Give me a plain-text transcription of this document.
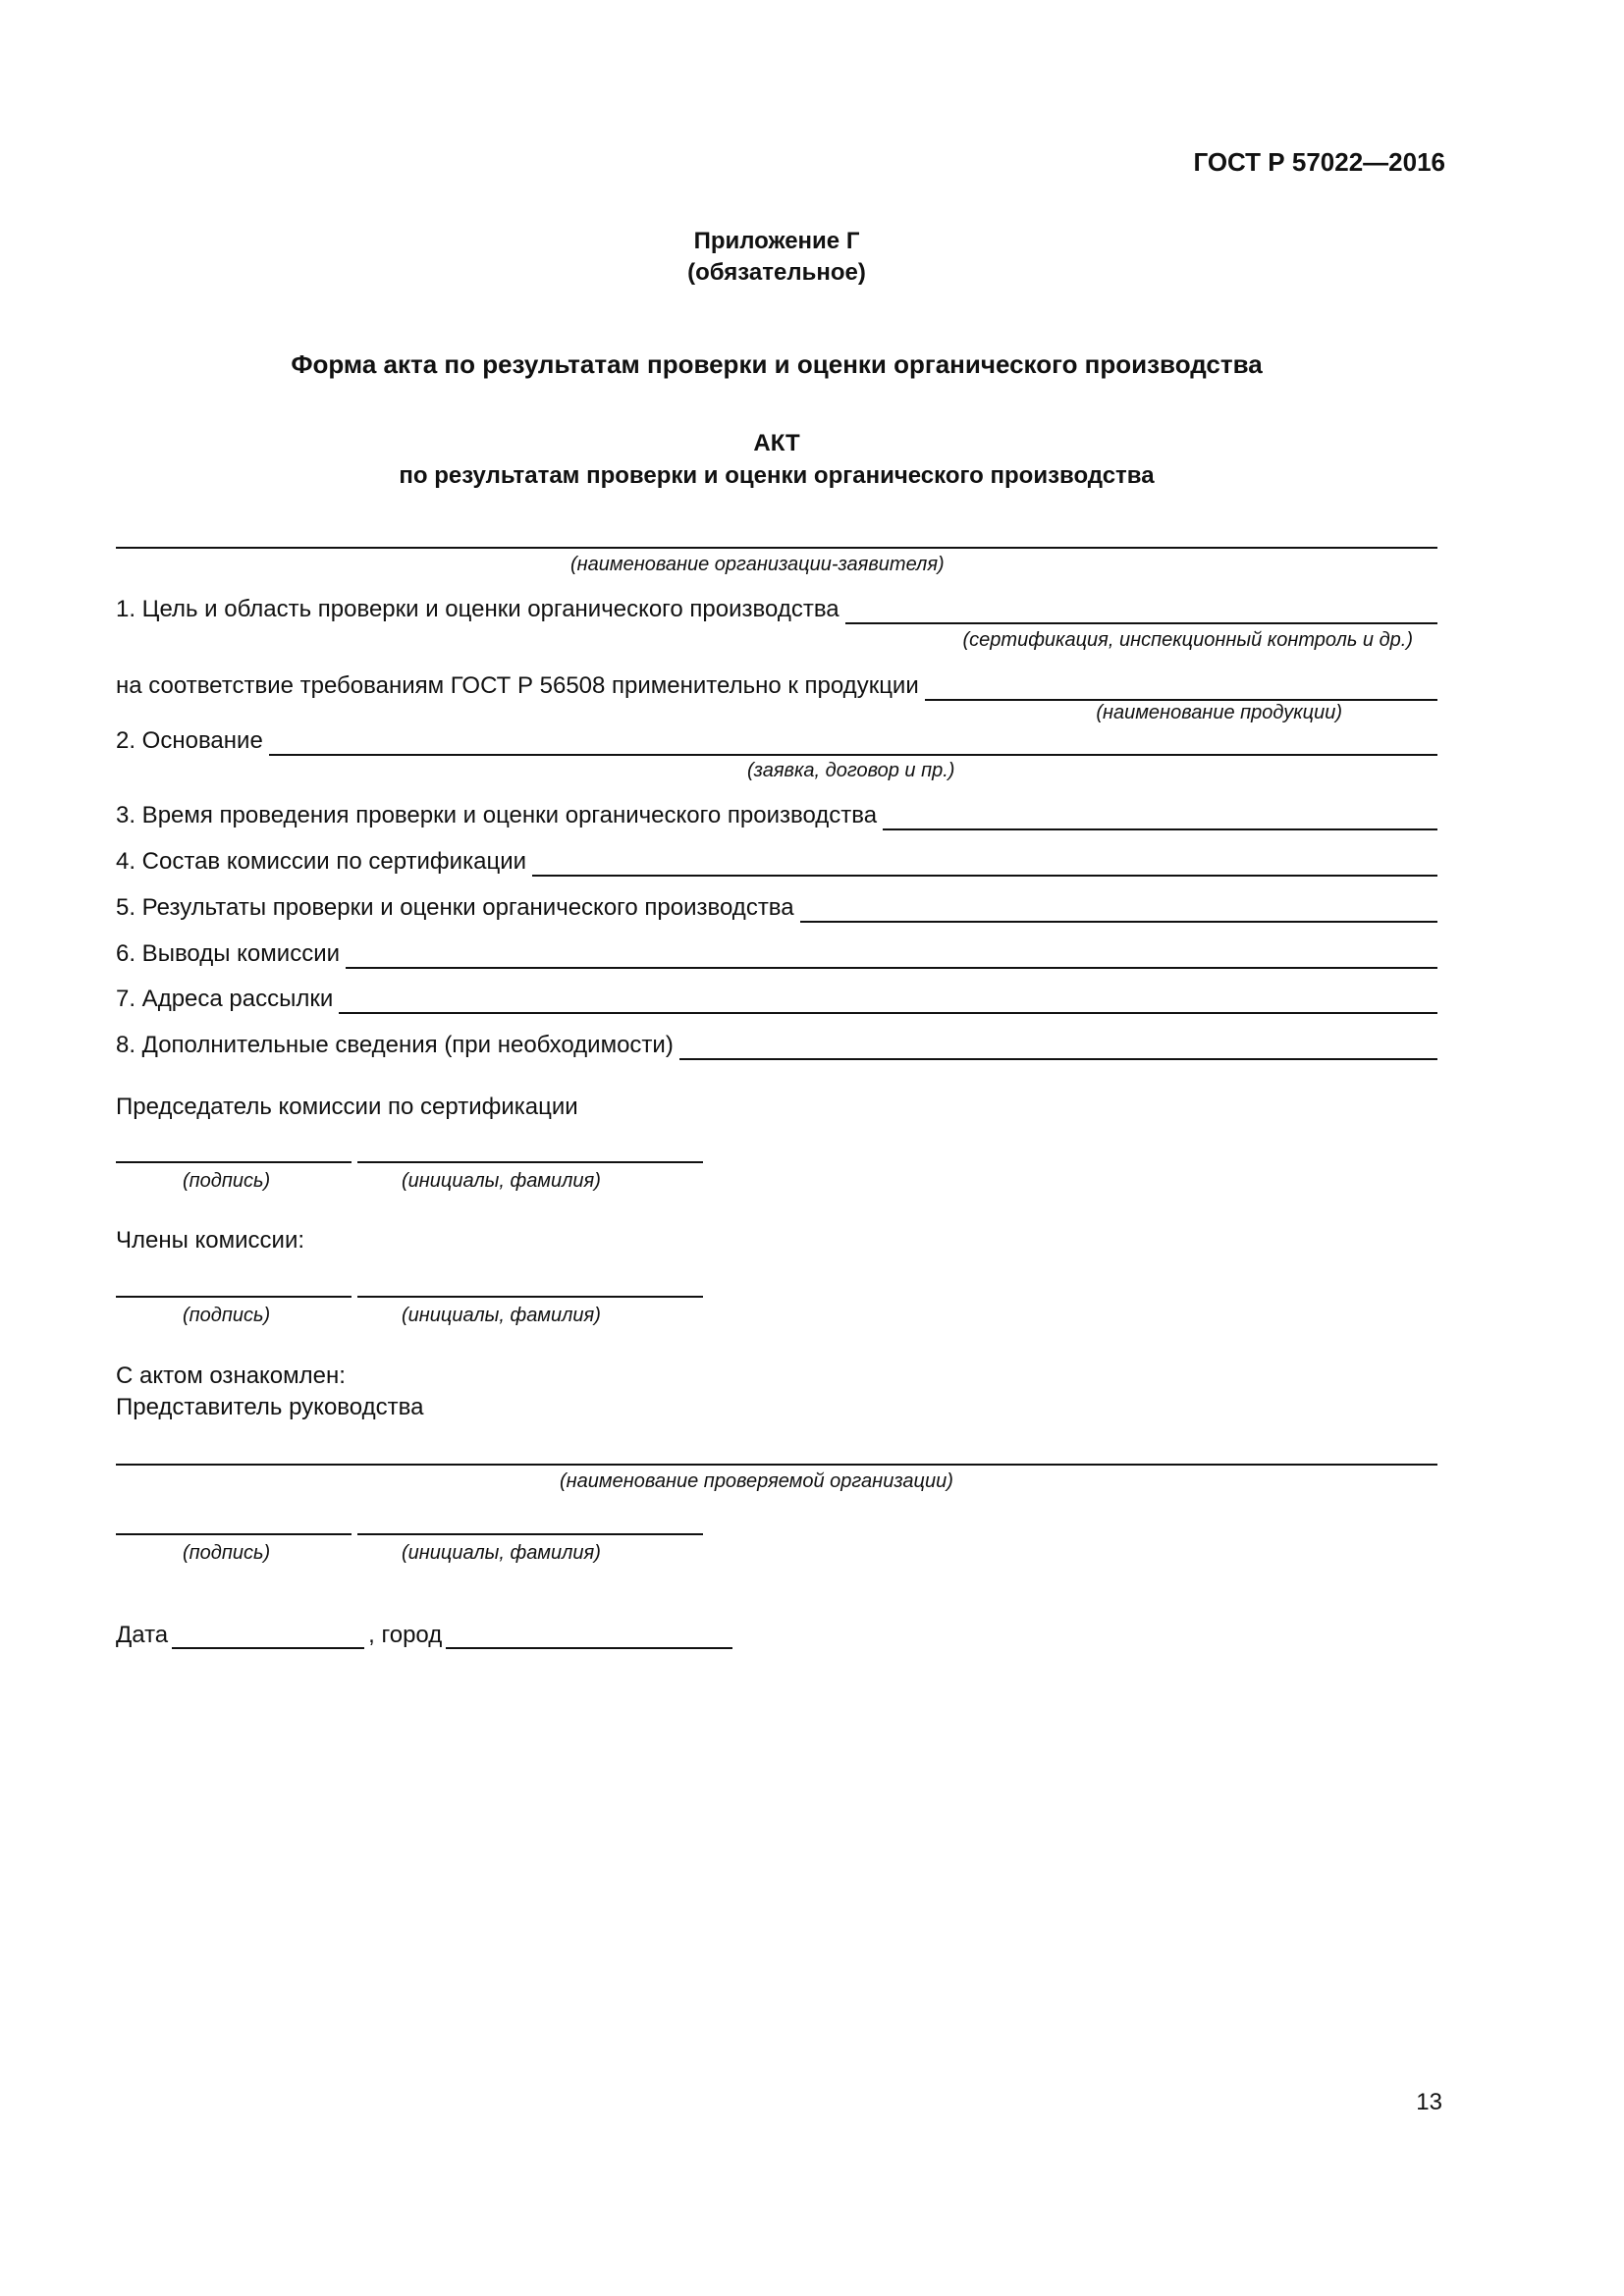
ГОСТ Р 57022—2016
Приложение Г
(обязательное)
Форма акта по результатам проверки и оценки органического производства
АКТ
по результатам проверки и оценки органического производства
(наименование организации-заявителя)
1. Цель и область проверки и оценки органического производства
(сертификация, инспекционный контроль и др.)
на соответствие требованиям ГОСТ Р 56508 применительно к продукции
(наименование продукции)
2. Основание
(заявка, договор и пр.)
3. Время проведения проверки и оценки органического производства
4. Состав комиссии по сертификации
5. Результаты проверки и оценки органического производства
6. Выводы комиссии
7. Адреса рассылки
8. Дополнительные сведения (при необходимости)
Председатель комиссии по сертификации
(подпись)	(инициалы, фамилия)
Члены комиссии:
(подпись)	(инициалы, фамилия)
С актом ознакомлен:
Представитель руководства
(наименование проверяемой организации)
(подпись)	(инициалы, фамилия)
Дата	, город
13
